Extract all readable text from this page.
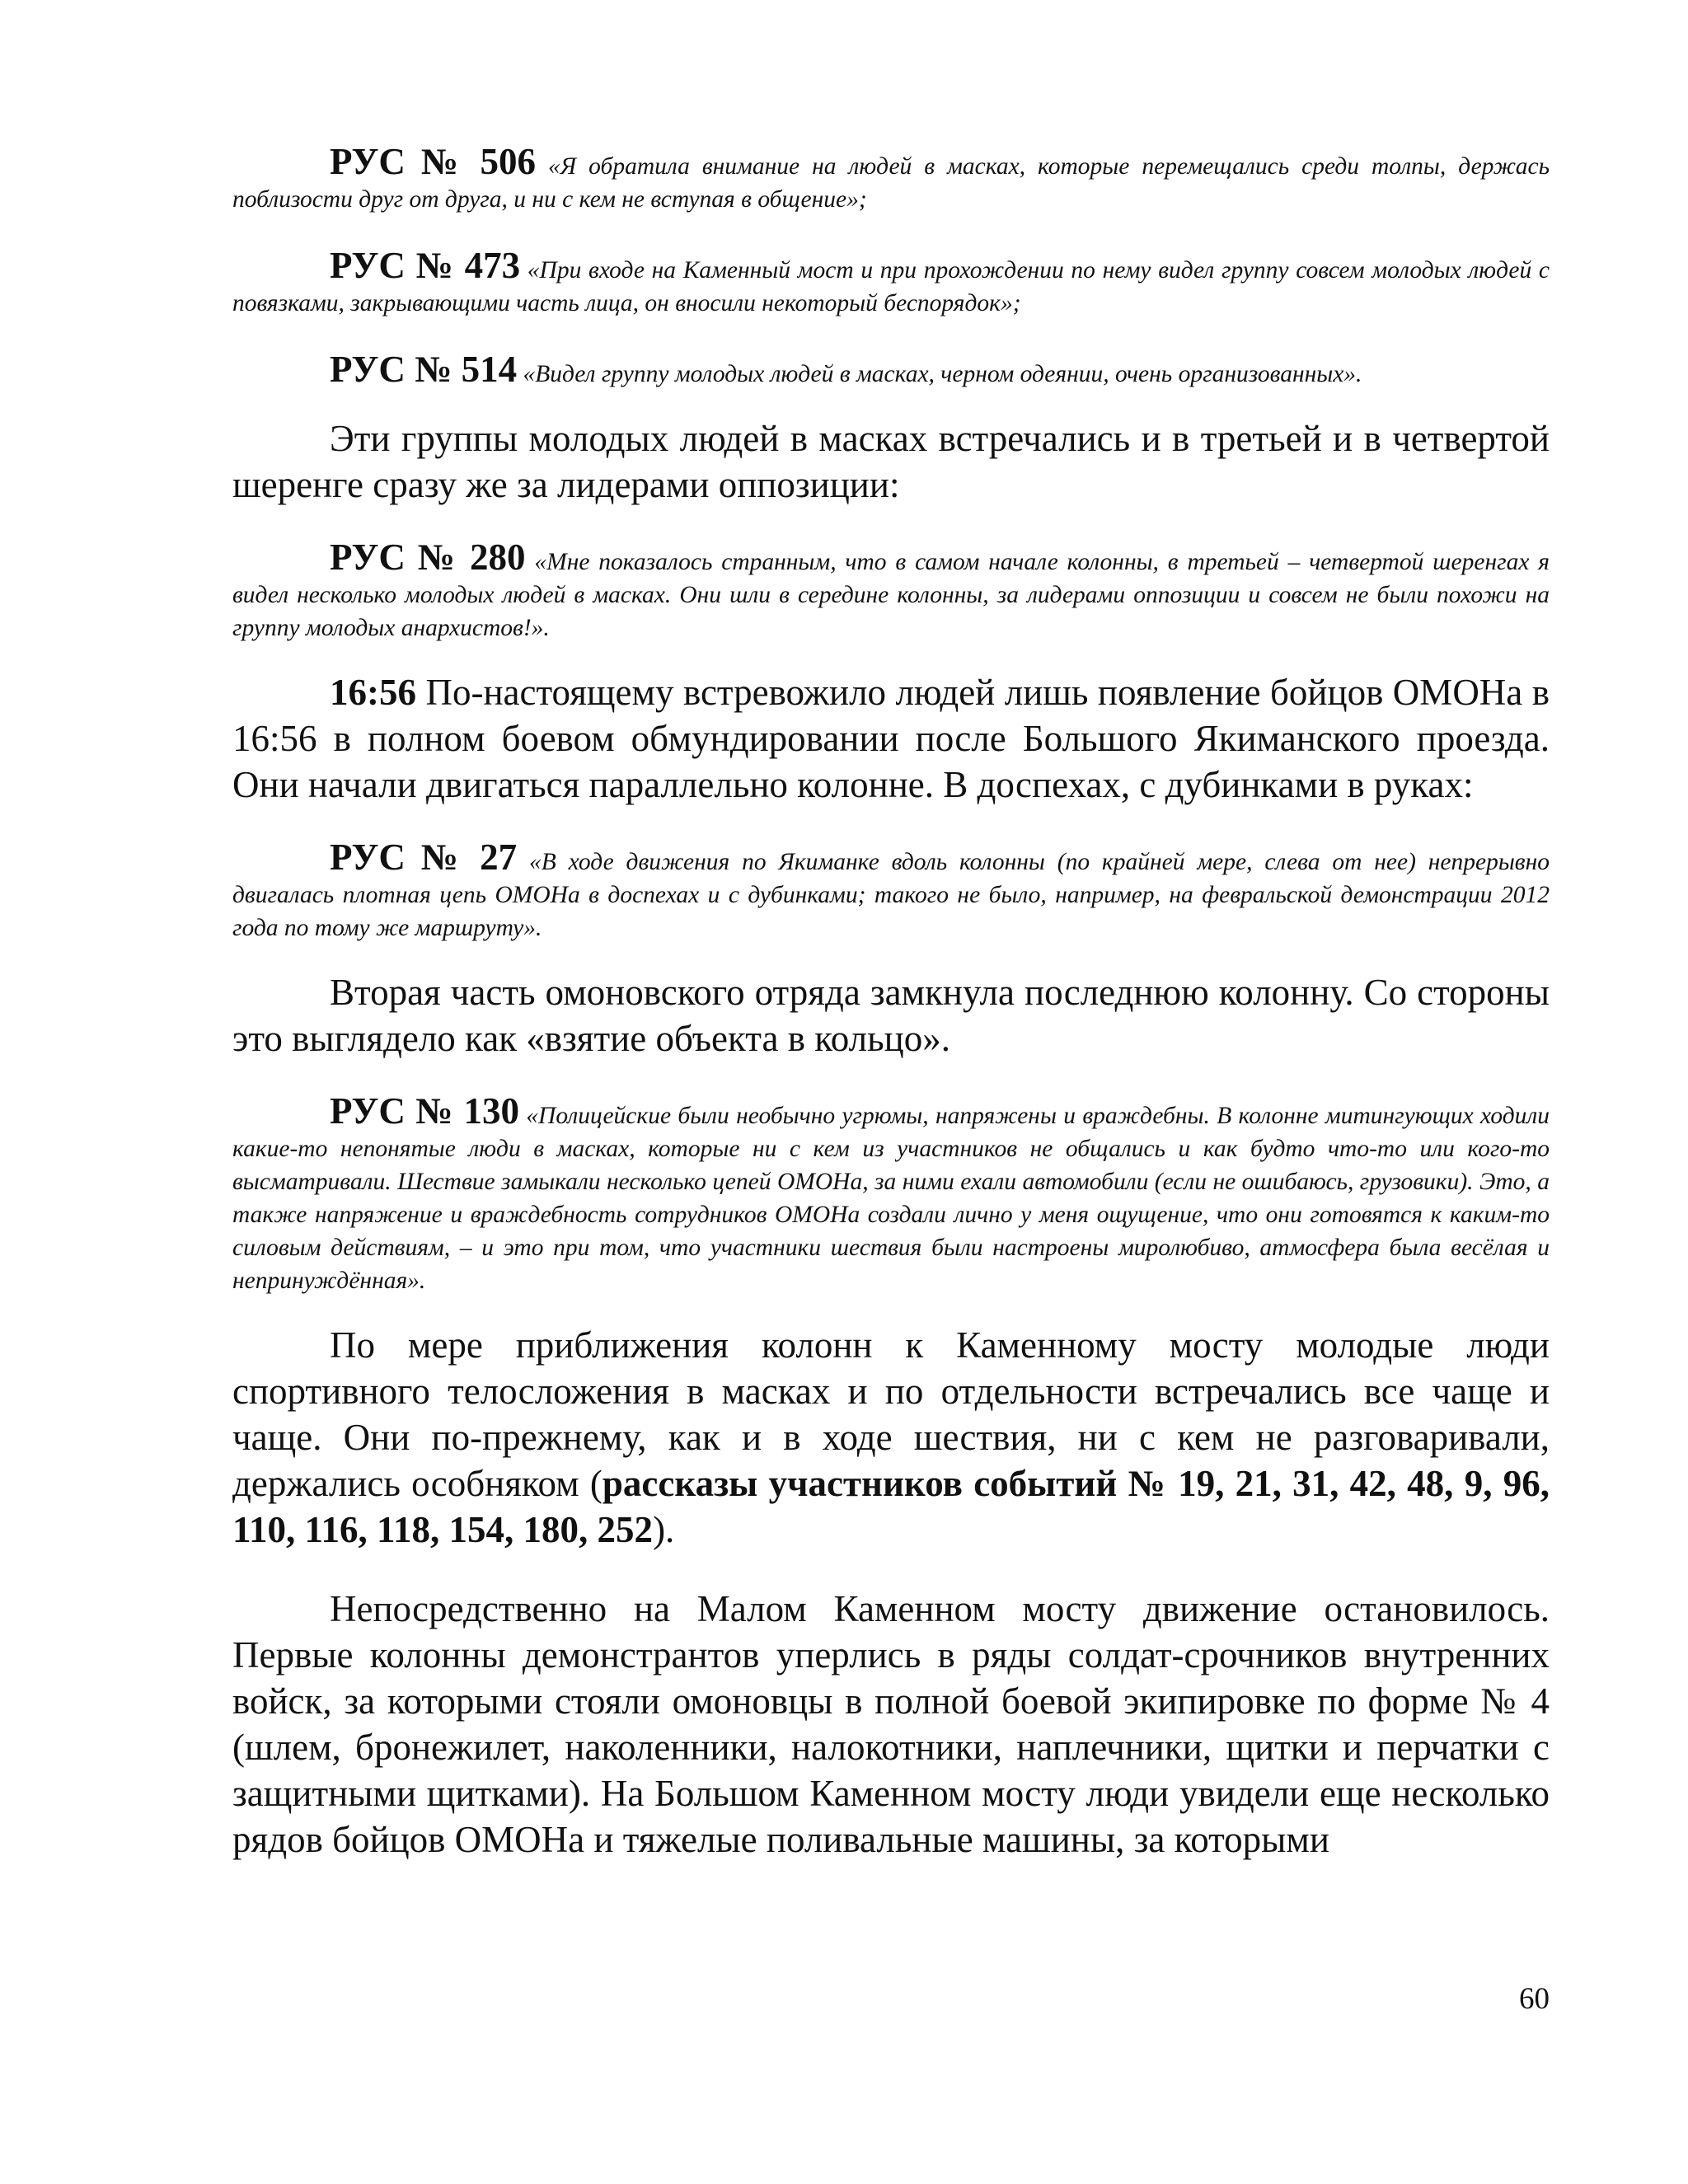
РУС № 506 «Я обратила внимание на людей в масках, которые перемещались среди толпы, держась поблизости друг от друга, и ни с кем не вступая в общение»;

РУС № 473 «При входе на Каменный мост и при прохождении по нему видел группу совсем молодых людей с повязками, закрывающими часть лица, он вносили некоторый беспорядок»;

РУС № 514 «Видел группу молодых людей в масках, черном одеянии, очень организованных».

Эти группы молодых людей в масках встречались и в третьей и в четвертой шеренге сразу же за лидерами оппозиции:

РУС № 280 «Мне показалось странным, что в самом начале колонны, в третьей – четвертой шеренгах я видел несколько молодых людей в масках. Они шли в середине колонны, за лидерами оппозиции и совсем не были похожи на группу молодых анархистов!».

16:56 По-настоящему встревожило людей лишь появление бойцов ОМОНа в 16:56 в полном боевом обмундировании после Большого Якиманского проезда. Они начали двигаться параллельно колонне. В доспехах, с дубинками в руках:

РУС № 27 «В ходе движения по Якиманке вдоль колонны (по крайней мере, слева от нее) непрерывно двигалась плотная цепь ОМОНа в доспехах и с дубинками; такого не было, например, на февральской демонстрации 2012 года по тому же маршруту».

Вторая часть омоновского отряда замкнула последнюю колонну. Со стороны это выглядело как «взятие объекта в кольцо».

РУС № 130 «Полицейские были необычно угрюмы, напряжены и враждебны. В колонне митингующих ходили какие-то непонятые люди в масках, которые ни с кем из участников не общались и как будто что-то или кого-то высматривали. Шествие замыкали несколько цепей ОМОНа, за ними ехали автомобили (если не ошибаюсь, грузовики). Это, а также напряжение и враждебность сотрудников ОМОНа создали лично у меня ощущение, что они готовятся к каким-то силовым действиям, – и это при том, что участники шествия были настроены миролюбиво, атмосфера была весёлая и непринуждённая».

По мере приближения колонн к Каменному мосту молодые люди спортивного телосложения в масках и по отдельности встречались все чаще и чаще. Они по-прежнему, как и в ходе шествия, ни с кем не разговаривали, держались особняком (рассказы участников событий № 19, 21, 31, 42, 48, 9, 96, 110, 116, 118, 154, 180, 252).

Непосредственно на Малом Каменном мосту движение остановилось. Первые колонны демонстрантов уперлись в ряды солдат-срочников внутренних войск, за которыми стояли омоновцы в полной боевой экипировке по форме № 4 (шлем, бронежилет, наколенники, налокотники, наплечники, щитки и перчатки с защитными щитками). На Большом Каменном мосту люди увидели еще несколько рядов бойцов ОМОНа и тяжелые поливальные машины, за которыми

60
